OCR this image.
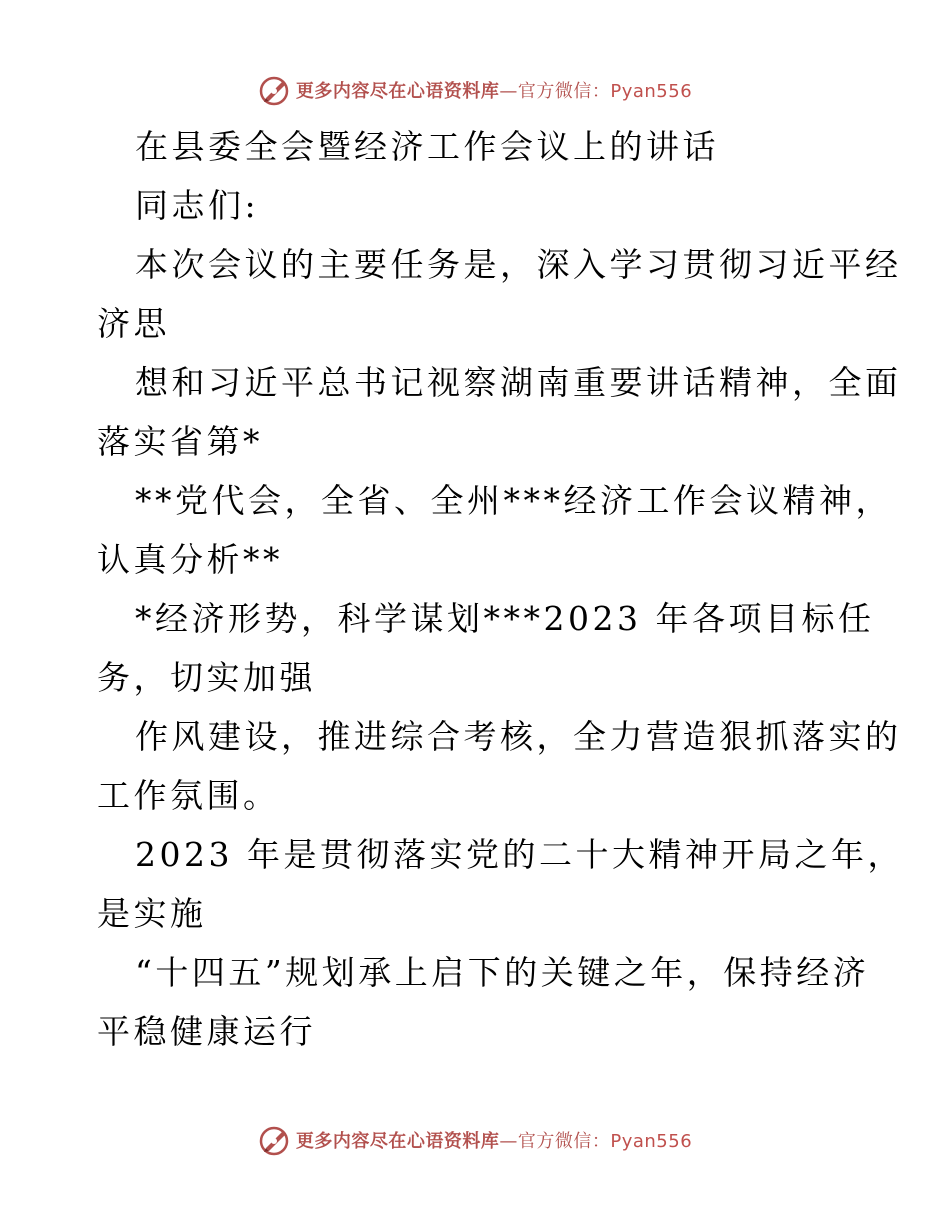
更多内容尽在心语资料库—官方微信：Pyan556

在县委全会暨经济工作会议上的讲话

同志们:

本次会议的主要任务是，深入学习贯彻习近平经

济思

想和习近平总书记视察湖南重要讲话精神，全面

落实省第*

**党代会，全省、全州***经济工作会议精神，

认真分析**

*经济形势，科学谋划***2023 年各项目标任

务，切实加强

作风建设，推进综合考核，全力营造狠抓落实的

工作氛围。

2023 年是贯彻落实党的二十大精神开局之年，

是实施

“十四五”规划承上启下的关键之年，保持经济

平稳健康运行

更多内容尽在心语资料库—官方微信：Pyan556
